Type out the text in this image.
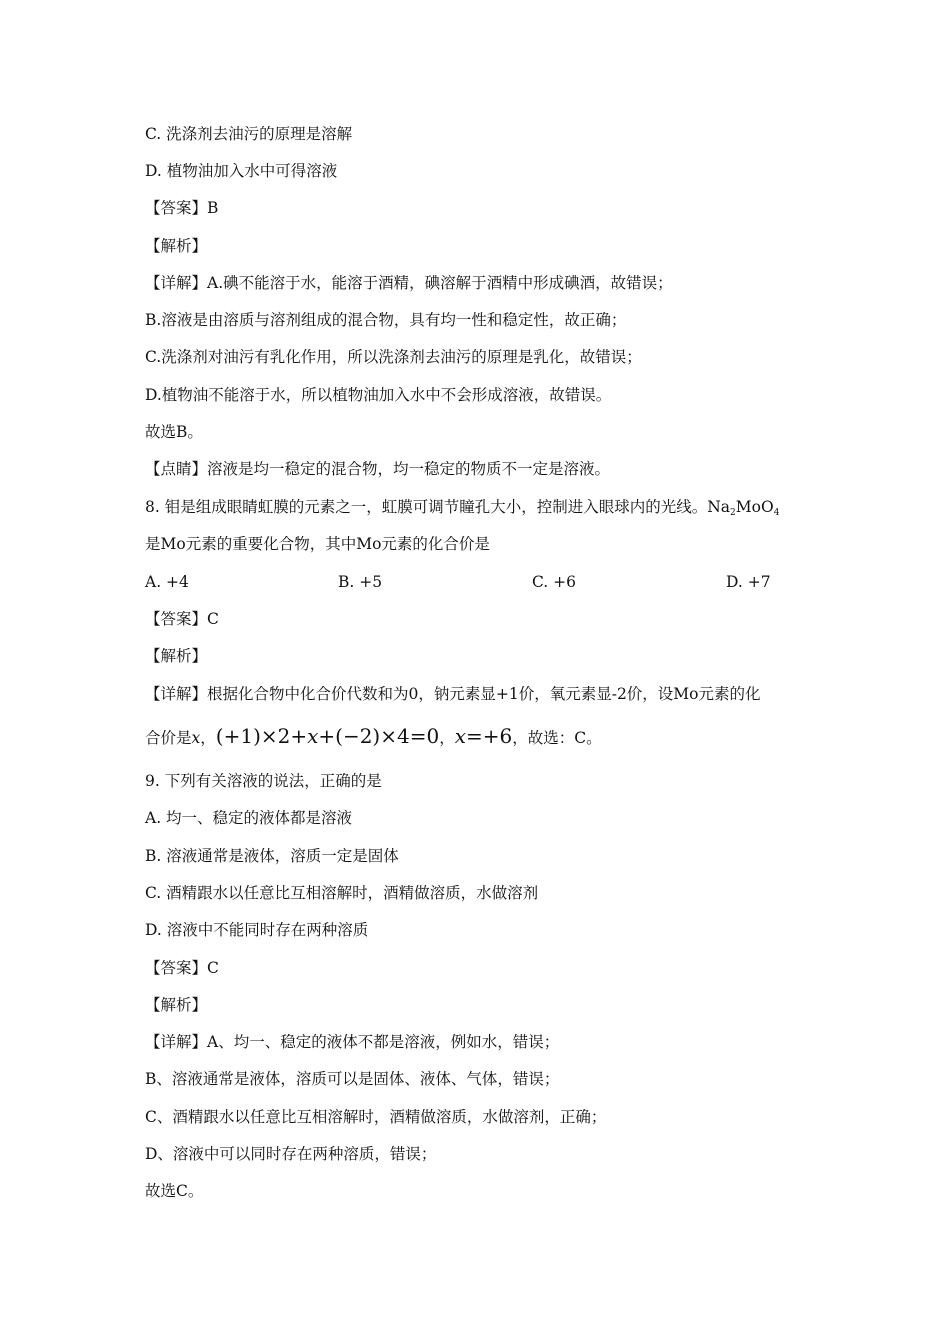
C. 洗涤剂去油污的原理是溶解
D. 植物油加入水中可得溶液
【答案】B
【解析】
【详解】A.碘不能溶于水，能溶于酒精，碘溶解于酒精中形成碘酒，故错误；
B.溶液是由溶质与溶剂组成的混合物，具有均一性和稳定性，故正确；
C.洗涤剂对油污有乳化作用，所以洗涤剂去油污的原理是乳化，故错误；
D.植物油不能溶于水，所以植物油加入水中不会形成溶液，故错误。
故选B。
【点睛】溶液是均一稳定的混合物，均一稳定的物质不一定是溶液。
8. 钼是组成眼睛虹膜的元素之一，虹膜可调节瞳孔大小，控制进入眼球内的光线。$Na_2MoO_4$
是Mo元素的重要化合物，其中Mo元素的化合价是
A. +4	B. +5	C. +6	D. +7
【答案】C
【解析】
【详解】根据化合物中化合价代数和为0，钠元素显+1价，氧元素显-2价，设Mo元素的化
合价是x，(+1)×2+x+(−2)×4=0，x=+6，故选：C。
9. 下列有关溶液的说法，正确的是
A. 均一、稳定的液体都是溶液
B. 溶液通常是液体，溶质一定是固体
C. 酒精跟水以任意比互相溶解时，酒精做溶质，水做溶剂
D. 溶液中不能同时存在两种溶质
【答案】C
【解析】
【详解】A、均一、稳定的液体不都是溶液，例如水，错误；
B、溶液通常是液体，溶质可以是固体、液体、气体，错误；
C、酒精跟水以任意比互相溶解时，酒精做溶质，水做溶剂，正确；
D、溶液中可以同时存在两种溶质，错误；
故选C。
